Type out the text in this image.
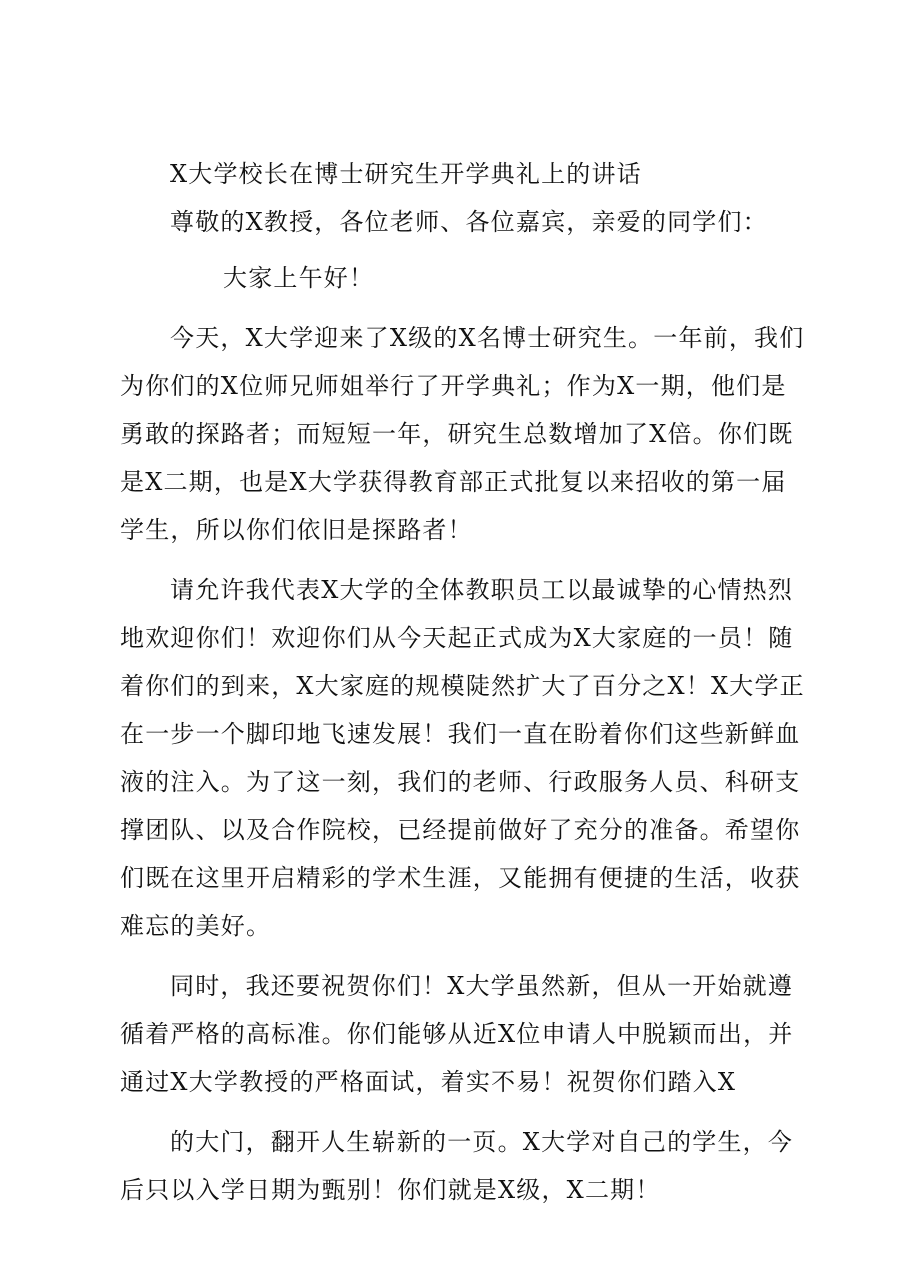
X大学校长在博士研究生开学典礼上的讲话
尊敬的X教授，各位老师、各位嘉宾，亲爱的同学们：
大家上午好！
今天，X大学迎来了X级的X名博士研究生。一年前，我们
为你们的X位师兄师姐举行了开学典礼；作为X一期，他们是
勇敢的探路者；而短短一年，研究生总数增加了X倍。你们既
是X二期，也是X大学获得教育部正式批复以来招收的第一届
学生，所以你们依旧是探路者！
请允许我代表X大学的全体教职员工以最诚挚的心情热烈
地欢迎你们！欢迎你们从今天起正式成为X大家庭的一员！随
着你们的到来，X大家庭的规模陡然扩大了百分之X！X大学正
在一步一个脚印地飞速发展！我们一直在盼着你们这些新鲜血
液的注入。为了这一刻，我们的老师、行政服务人员、科研支
撑团队、以及合作院校，已经提前做好了充分的准备。希望你
们既在这里开启精彩的学术生涯，又能拥有便捷的生活，收获
难忘的美好。
同时，我还要祝贺你们！X大学虽然新，但从一开始就遵
循着严格的高标准。你们能够从近X位申请人中脱颖而出，并
通过X大学教授的严格面试，着实不易！祝贺你们踏入X
的大门，翻开人生崭新的一页。X大学对自己的学生，今
后只以入学日期为甄别！你们就是X级，X二期！
